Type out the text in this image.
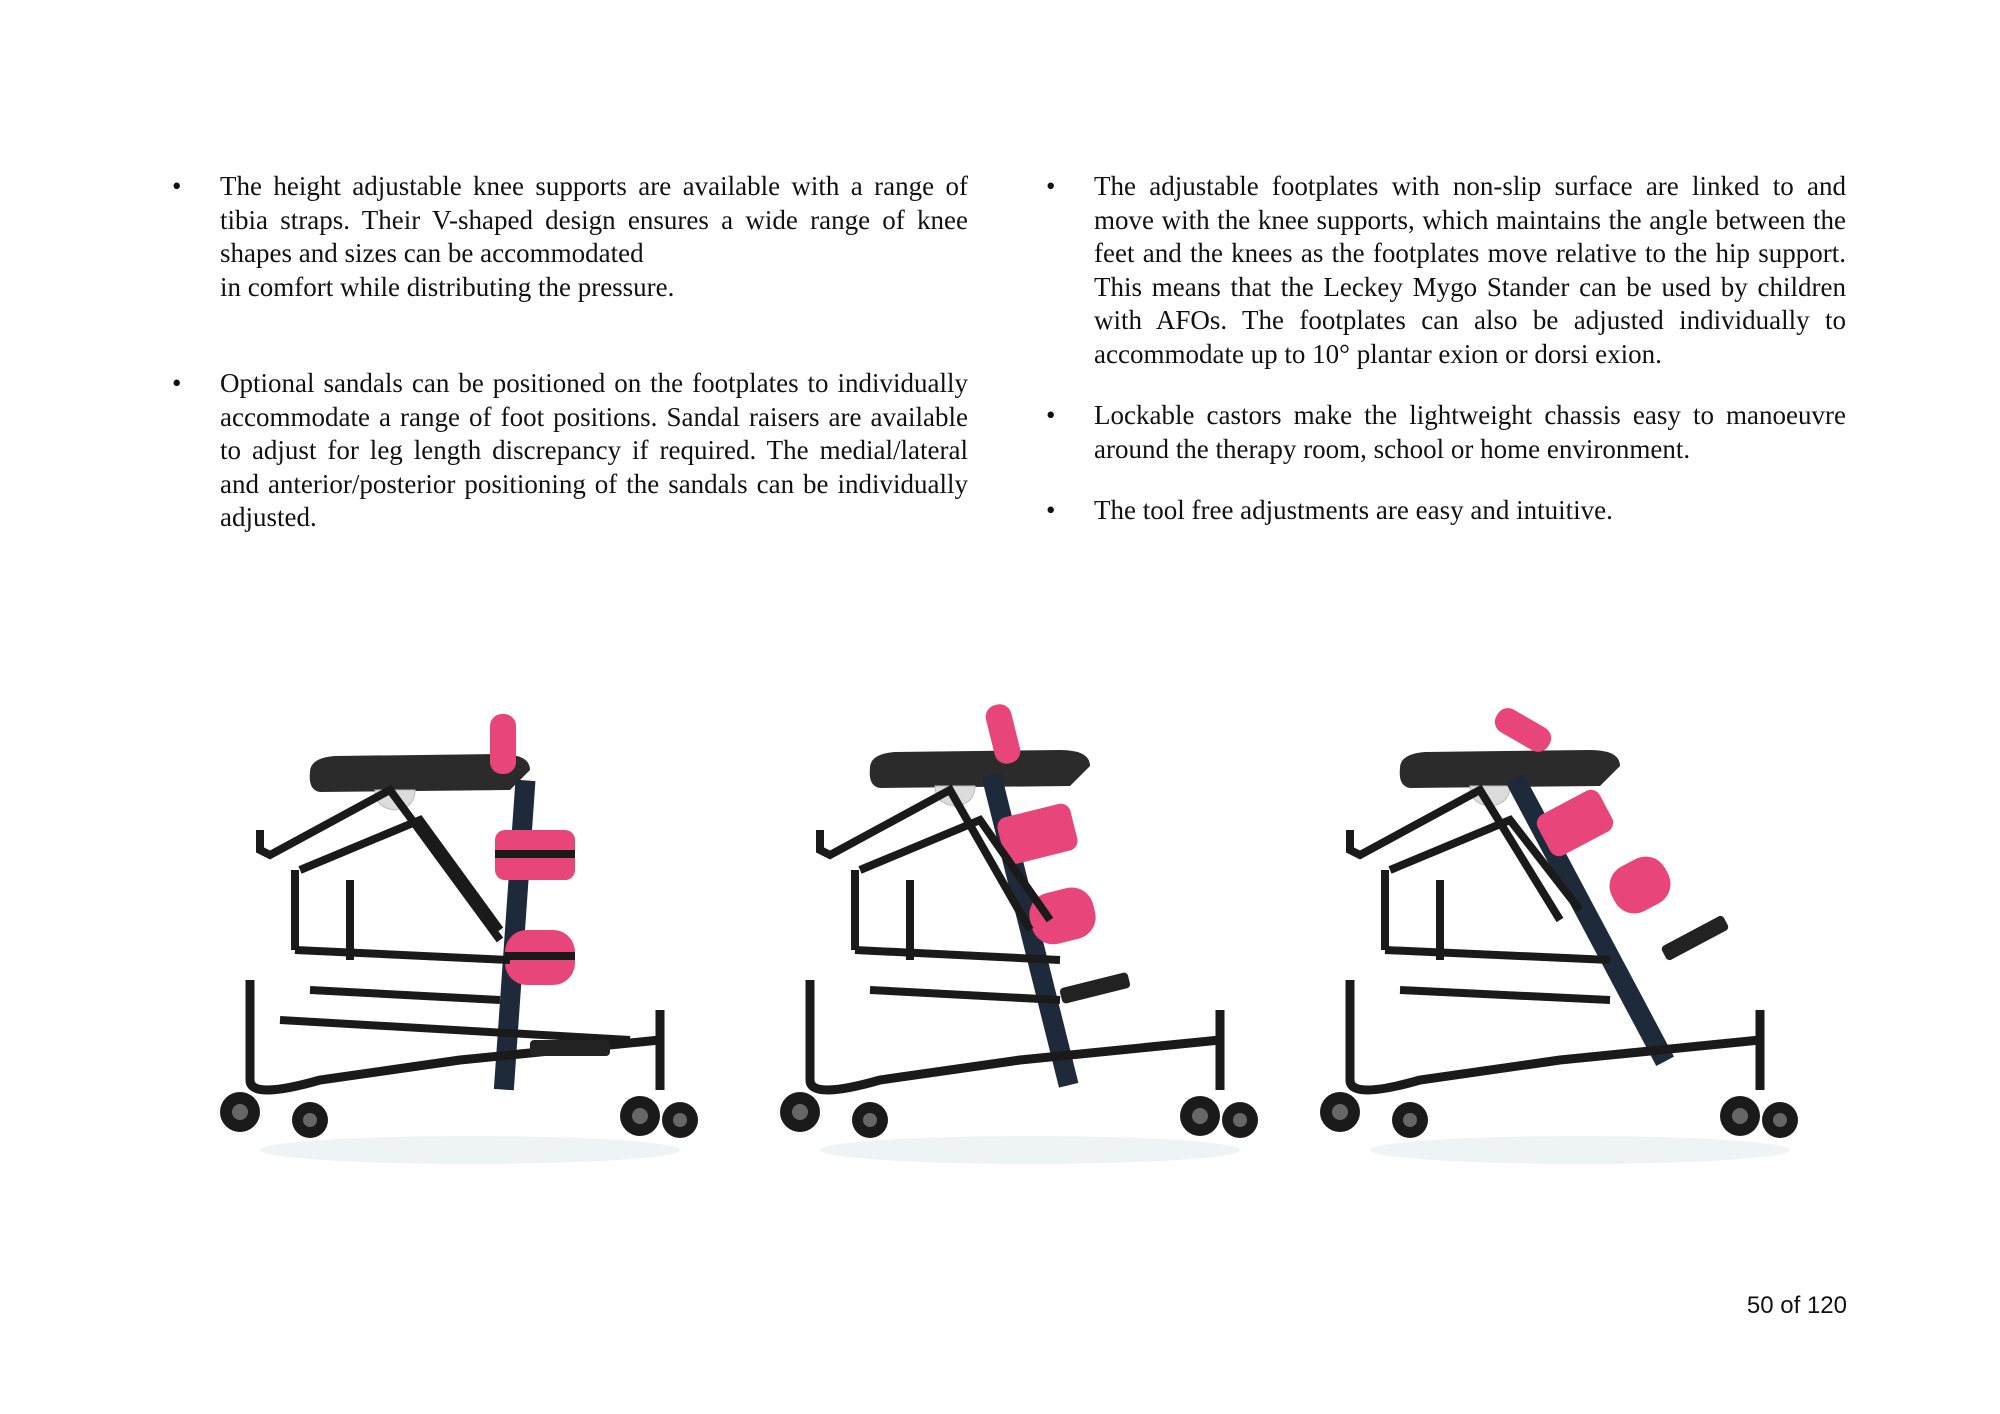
• The height adjustable knee supports are available with a range of tibia straps. Their V-shaped design ensures a wide range of knee shapes and sizes can be accommodated
in comfort while distributing the pressure.
• Optional sandals can be positioned on the footplates to individually accommodate a range of foot positions. Sandal raisers are available to adjust for leg length discrepancy if required. The medial/lateral and anterior/posterior positioning of the sandals can be individually adjusted.
• The adjustable footplates with non-slip surface are linked to and move with the knee supports, which maintains the angle between the feet and the knees as the footplates move relative to the hip support. This means that the Leckey Mygo Stander can be used by children with AFOs. The footplates can also be adjusted individually to accommodate up to 10° plantar exion or dorsi exion.
• Lockable castors make the lightweight chassis easy to manoeuvre around the therapy room, school or home environment.
• The tool free adjustments are easy and intuitive.
50 of 120
